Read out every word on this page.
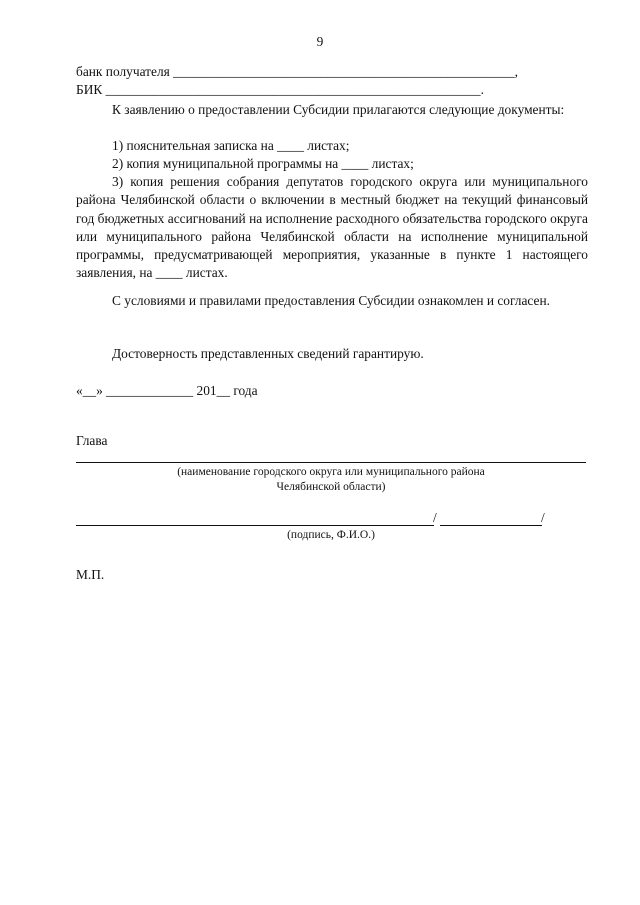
9
банк получателя ___________________________________________________,
БИК ________________________________________________________.
К заявлению о предоставлении Субсидии прилагаются следующие документы:
1) пояснительная записка на ____ листах;
2) копия муниципальной программы на ____ листах;
3) копия решения собрания депутатов городского округа или муниципального района Челябинской области о включении в местный бюджет на текущий финансовый год бюджетных ассигнований на исполнение расходного обязательства городского округа или муниципального района Челябинской области на исполнение муниципальной программы, предусматривающей мероприятия, указанные в пункте 1 настоящего заявления, на ____ листах.
С условиями и правилами предоставления Субсидии ознакомлен и согласен.
Достоверность представленных сведений гарантирую.
«__» _____________ 201__ года
Глава
(наименование городского округа или муниципального района
Челябинской области)
/	/
(подпись, Ф.И.О.)
М.П.
